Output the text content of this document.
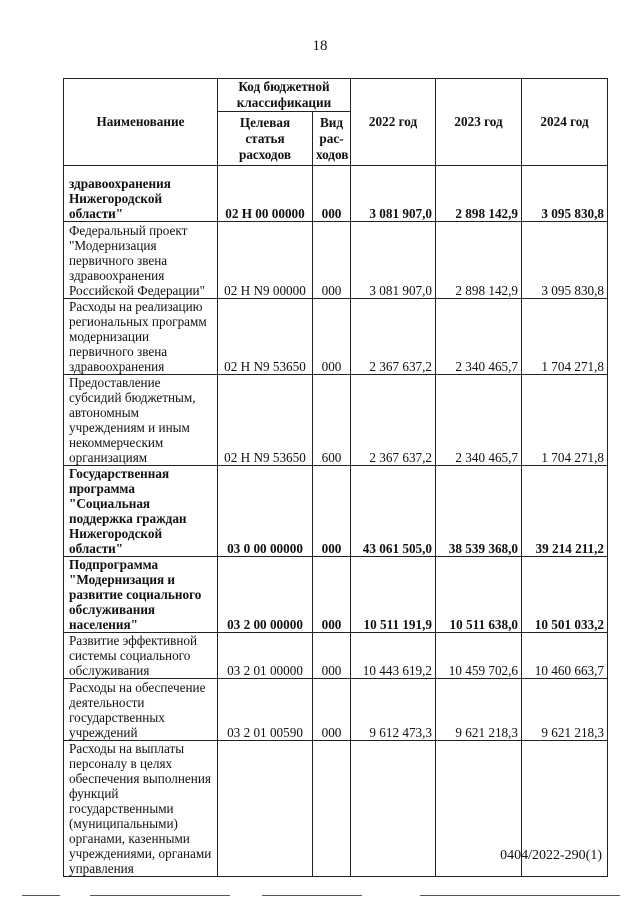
18
Наименование	Код бюджетной классификации		2022 год	2023 год	2024 год
	Целевая статья расходов	Вид рас-ходов			
здравоохранения Нижегородской области"	02 Н 00 00000	000	3 081 907,0	2 898 142,9	3 095 830,8
Федеральный проект "Модернизация первичного звена здравоохранения Российской Федерации"	02 Н N9 00000	000	3 081 907,0	2 898 142,9	3 095 830,8
Расходы на реализацию региональных программ модернизации первичного звена здравоохранения	02 Н N9 53650	000	2 367 637,2	2 340 465,7	1 704 271,8
Предоставление субсидий бюджетным, автономным учреждениям и иным некоммерческим организациям	02 Н N9 53650	600	2 367 637,2	2 340 465,7	1 704 271,8
Государственная программа "Социальная поддержка граждан Нижегородской области"	03 0 00 00000	000	43 061 505,0	38 539 368,0	39 214 211,2
Подпрограмма "Модернизация и развитие социального обслуживания населения"	03 2 00 00000	000	10 511 191,9	10 511 638,0	10 501 033,2
Развитие эффективной системы социального обслуживания	03 2 01 00000	000	10 443 619,2	10 459 702,6	10 460 663,7
Расходы на обеспечение деятельности государственных учреждений	03 2 01 00590	000	9 612 473,3	9 621 218,3	9 621 218,3
Расходы на выплаты персоналу в целях обеспечения выполнения функций государственными (муниципальными) органами, казенными учреждениями, органами управления					
0404/2022-290(1)
